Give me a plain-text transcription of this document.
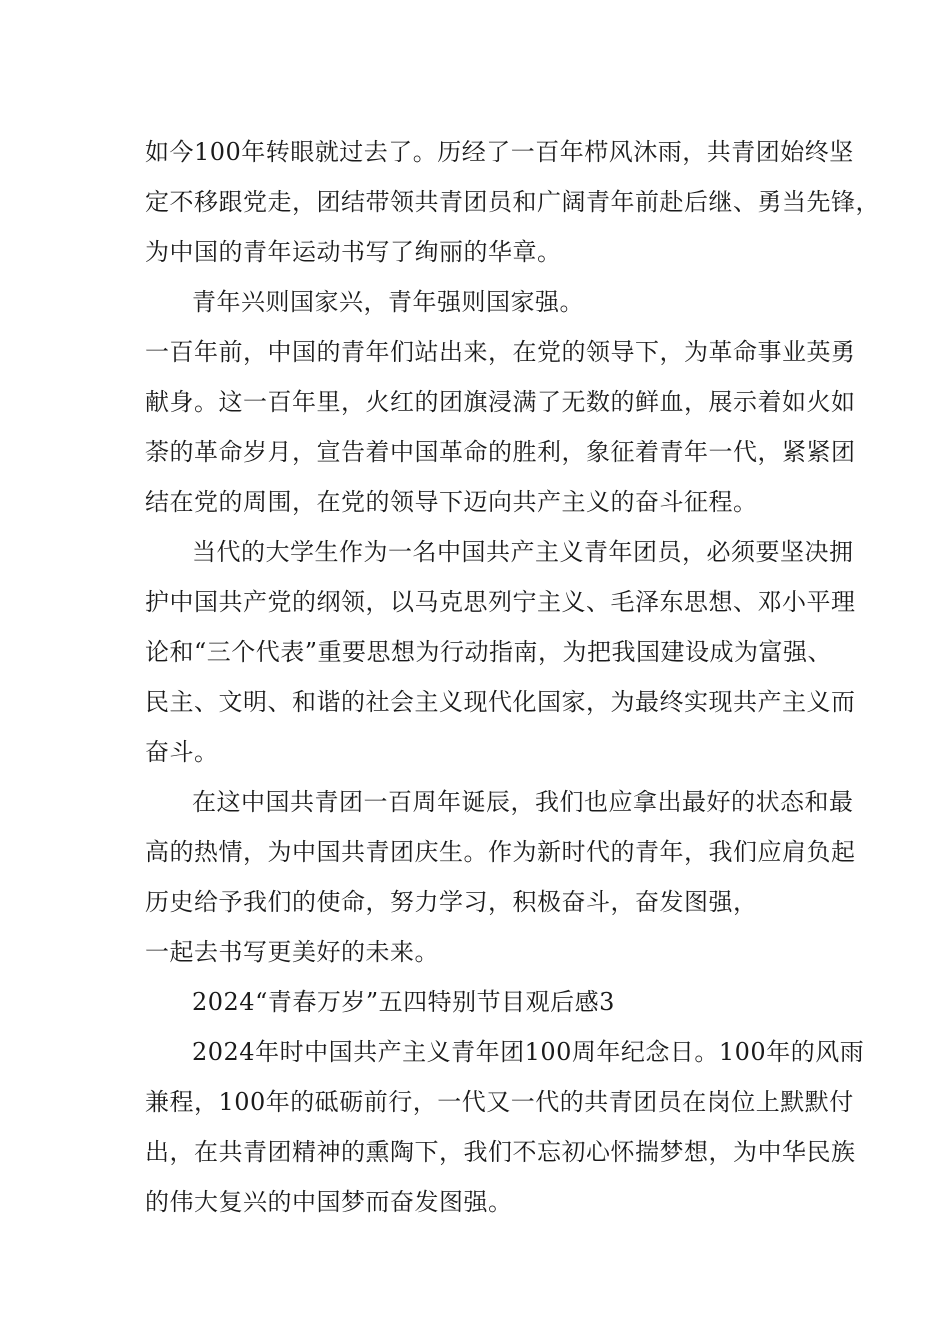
如今100年转眼就过去了。历经了一百年栉风沐雨，共青团始终坚
定不移跟党走，团结带领共青团员和广阔青年前赴后继、勇当先锋，
为中国的青年运动书写了绚丽的华章。
青年兴则国家兴，青年强则国家强。
一百年前，中国的青年们站出来，在党的领导下，为革命事业英勇
献身。这一百年里，火红的团旗浸满了无数的鲜血，展示着如火如
荼的革命岁月，宣告着中国革命的胜利，象征着青年一代，紧紧团
结在党的周围，在党的领导下迈向共产主义的奋斗征程。
当代的大学生作为一名中国共产主义青年团员，必须要坚决拥
护中国共产党的纲领，以马克思列宁主义、毛泽东思想、邓小平理
论和“三个代表”重要思想为行动指南，为把我国建设成为富强、
民主、文明、和谐的社会主义现代化国家，为最终实现共产主义而
奋斗。
在这中国共青团一百周年诞辰，我们也应拿出最好的状态和最
高的热情，为中国共青团庆生。作为新时代的青年，我们应肩负起
历史给予我们的使命，努力学习，积极奋斗，奋发图强，
一起去书写更美好的未来。
2024“青春万岁”五四特别节目观后感3
2024年时中国共产主义青年团100周年纪念日。100年的风雨
兼程，100年的砥砺前行，一代又一代的共青团员在岗位上默默付
出，在共青团精神的熏陶下，我们不忘初心怀揣梦想，为中华民族
的伟大复兴的中国梦而奋发图强。
